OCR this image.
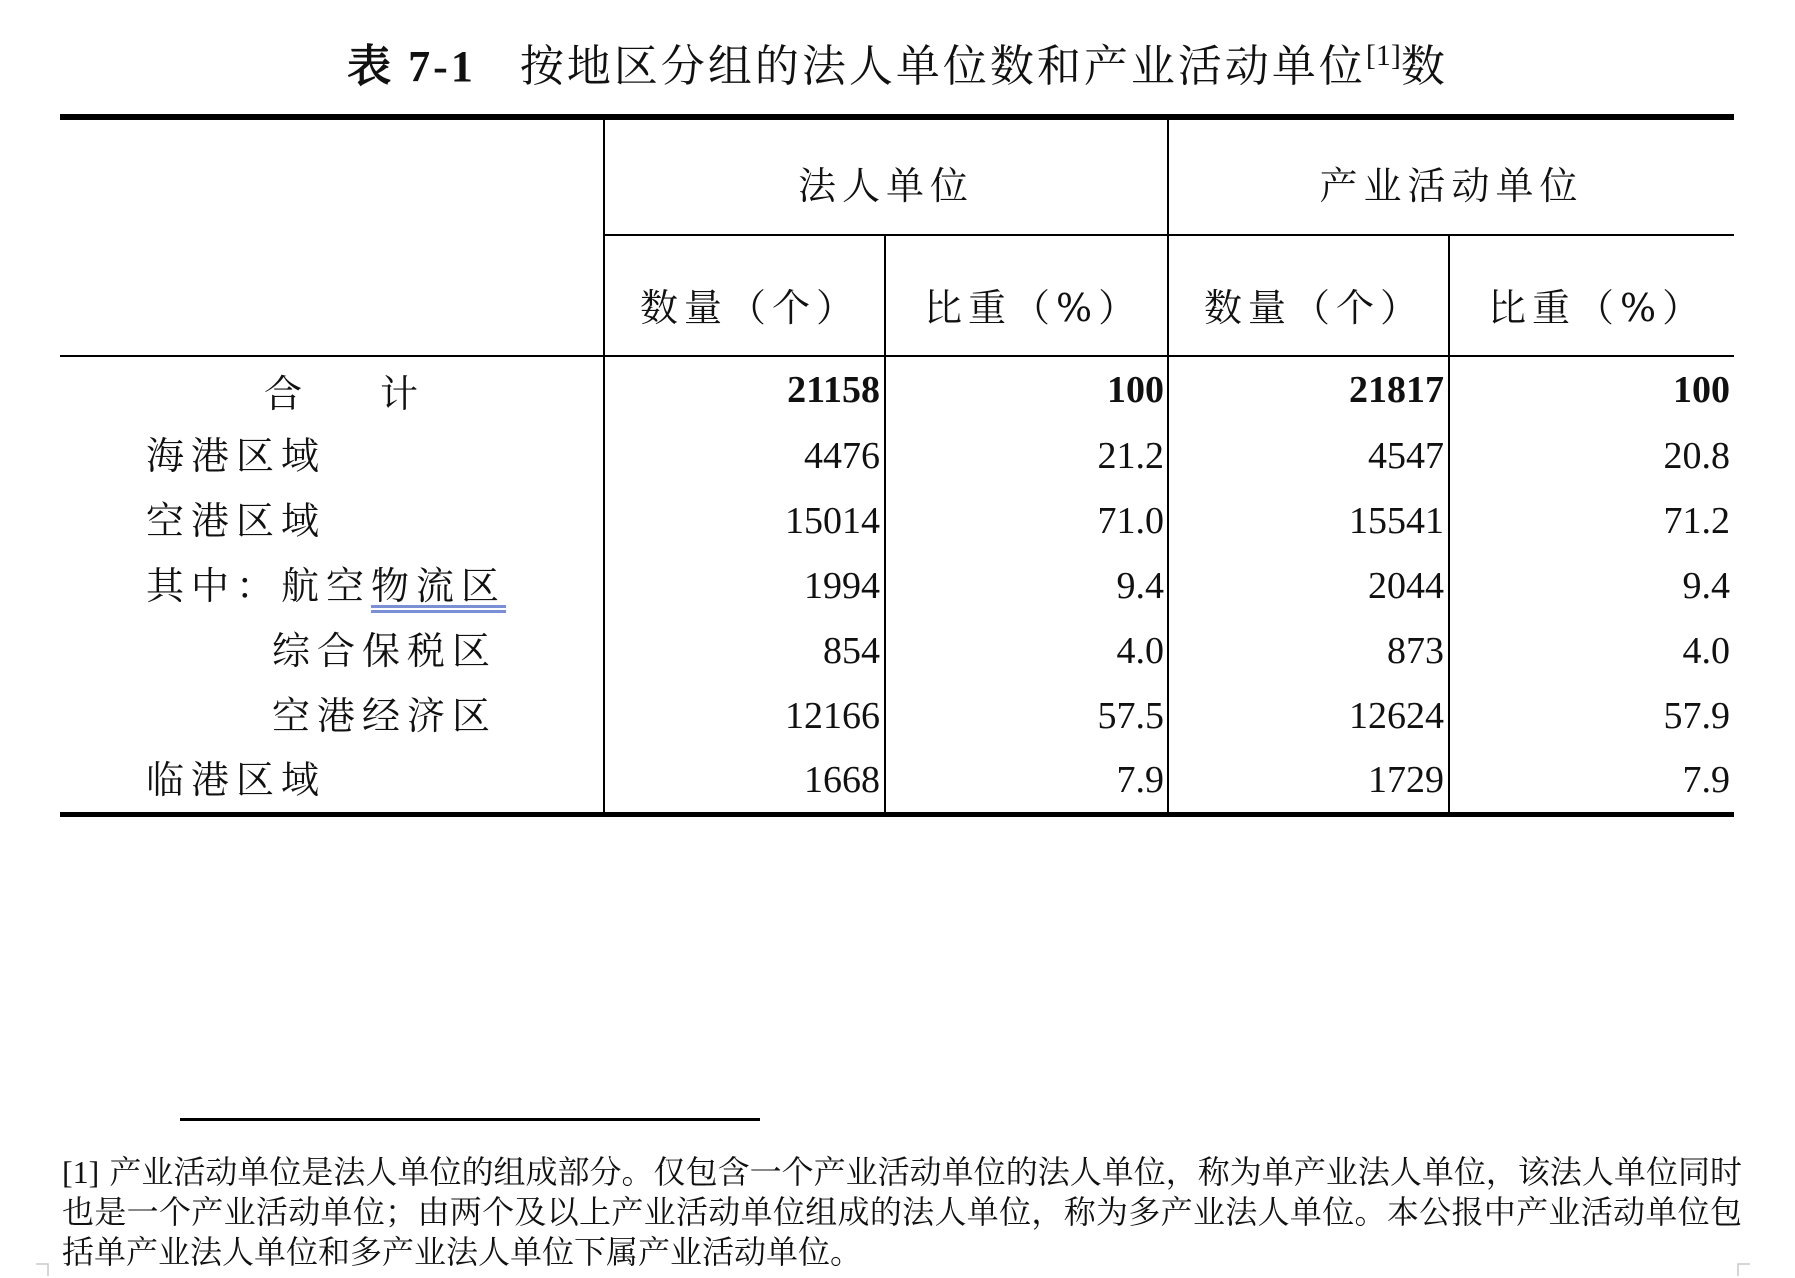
表 7-1 按地区分组的法人单位数和产业活动单位[1]数
法人单位	产业活动单位
数量（个） 比重（%） 数量（个） 比重（%）
合　计	21158	100	21817	100
海港区域	4476	21.2	4547	20.8
空港区域	15014	71.0	15541	71.2
其中：航空物流区	1994	9.4	2044	9.4
综合保税区	854	4.0	873	4.0
空港经济区	12166	57.5	12624	57.9
临港区域	1668	7.9	1729	7.9
[1] 产业活动单位是法人单位的组成部分。仅包含一个产业活动单位的法人单位，称为单产业法人单位，该法人单位同时也是一个产业活动单位；由两个及以上产业活动单位组成的法人单位，称为多产业法人单位。本公报中产业活动单位包括单产业法人单位和多产业法人单位下属产业活动单位。
